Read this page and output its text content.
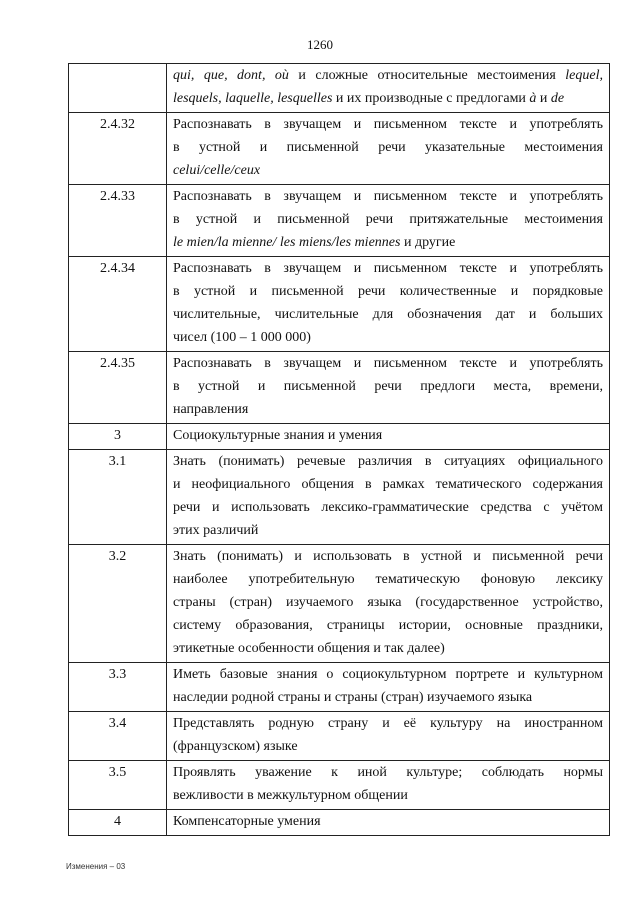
1260

	qui, que, dont, où и сложные относительные местоимения lequel,
lesquels, laquelle, lesquelles и их производные с предлогами à и de

2.4.32	Распознавать в звучащем и письменном тексте и употреблять
в устной и письменной речи указательные местоимения
celui/celle/ceux

2.4.33	Распознавать в звучащем и письменном тексте и употреблять
в устной и письменной речи притяжательные местоимения
le mien/la mienne/ les miens/les miennes и другие

2.4.34	Распознавать в звучащем и письменном тексте и употреблять
в устной и письменной речи количественные и порядковые
числительные, числительные для обозначения дат и больших
чисел (100 – 1 000 000)

2.4.35	Распознавать в звучащем и письменном тексте и употреблять
в устной и письменной речи предлоги места, времени,
направления

3	Социокультурные знания и умения

3.1	Знать (понимать) речевые различия в ситуациях официального
и неофициального общения в рамках тематического содержания
речи и использовать лексико-грамматические средства с учётом
этих различий

3.2	Знать (понимать) и использовать в устной и письменной речи
наиболее употребительную тематическую фоновую лексику
страны (стран) изучаемого языка (государственное устройство,
систему образования, страницы истории, основные праздники,
этикетные особенности общения и так далее)

3.3	Иметь базовые знания о социокультурном портрете и культурном
наследии родной страны и страны (стран) изучаемого языка

3.4	Представлять родную страну и её культуру на иностранном
(французском) языке

3.5	Проявлять уважение к иной культуре; соблюдать нормы
вежливости в межкультурном общении

4	Компенсаторные умения
Изменения – 03
